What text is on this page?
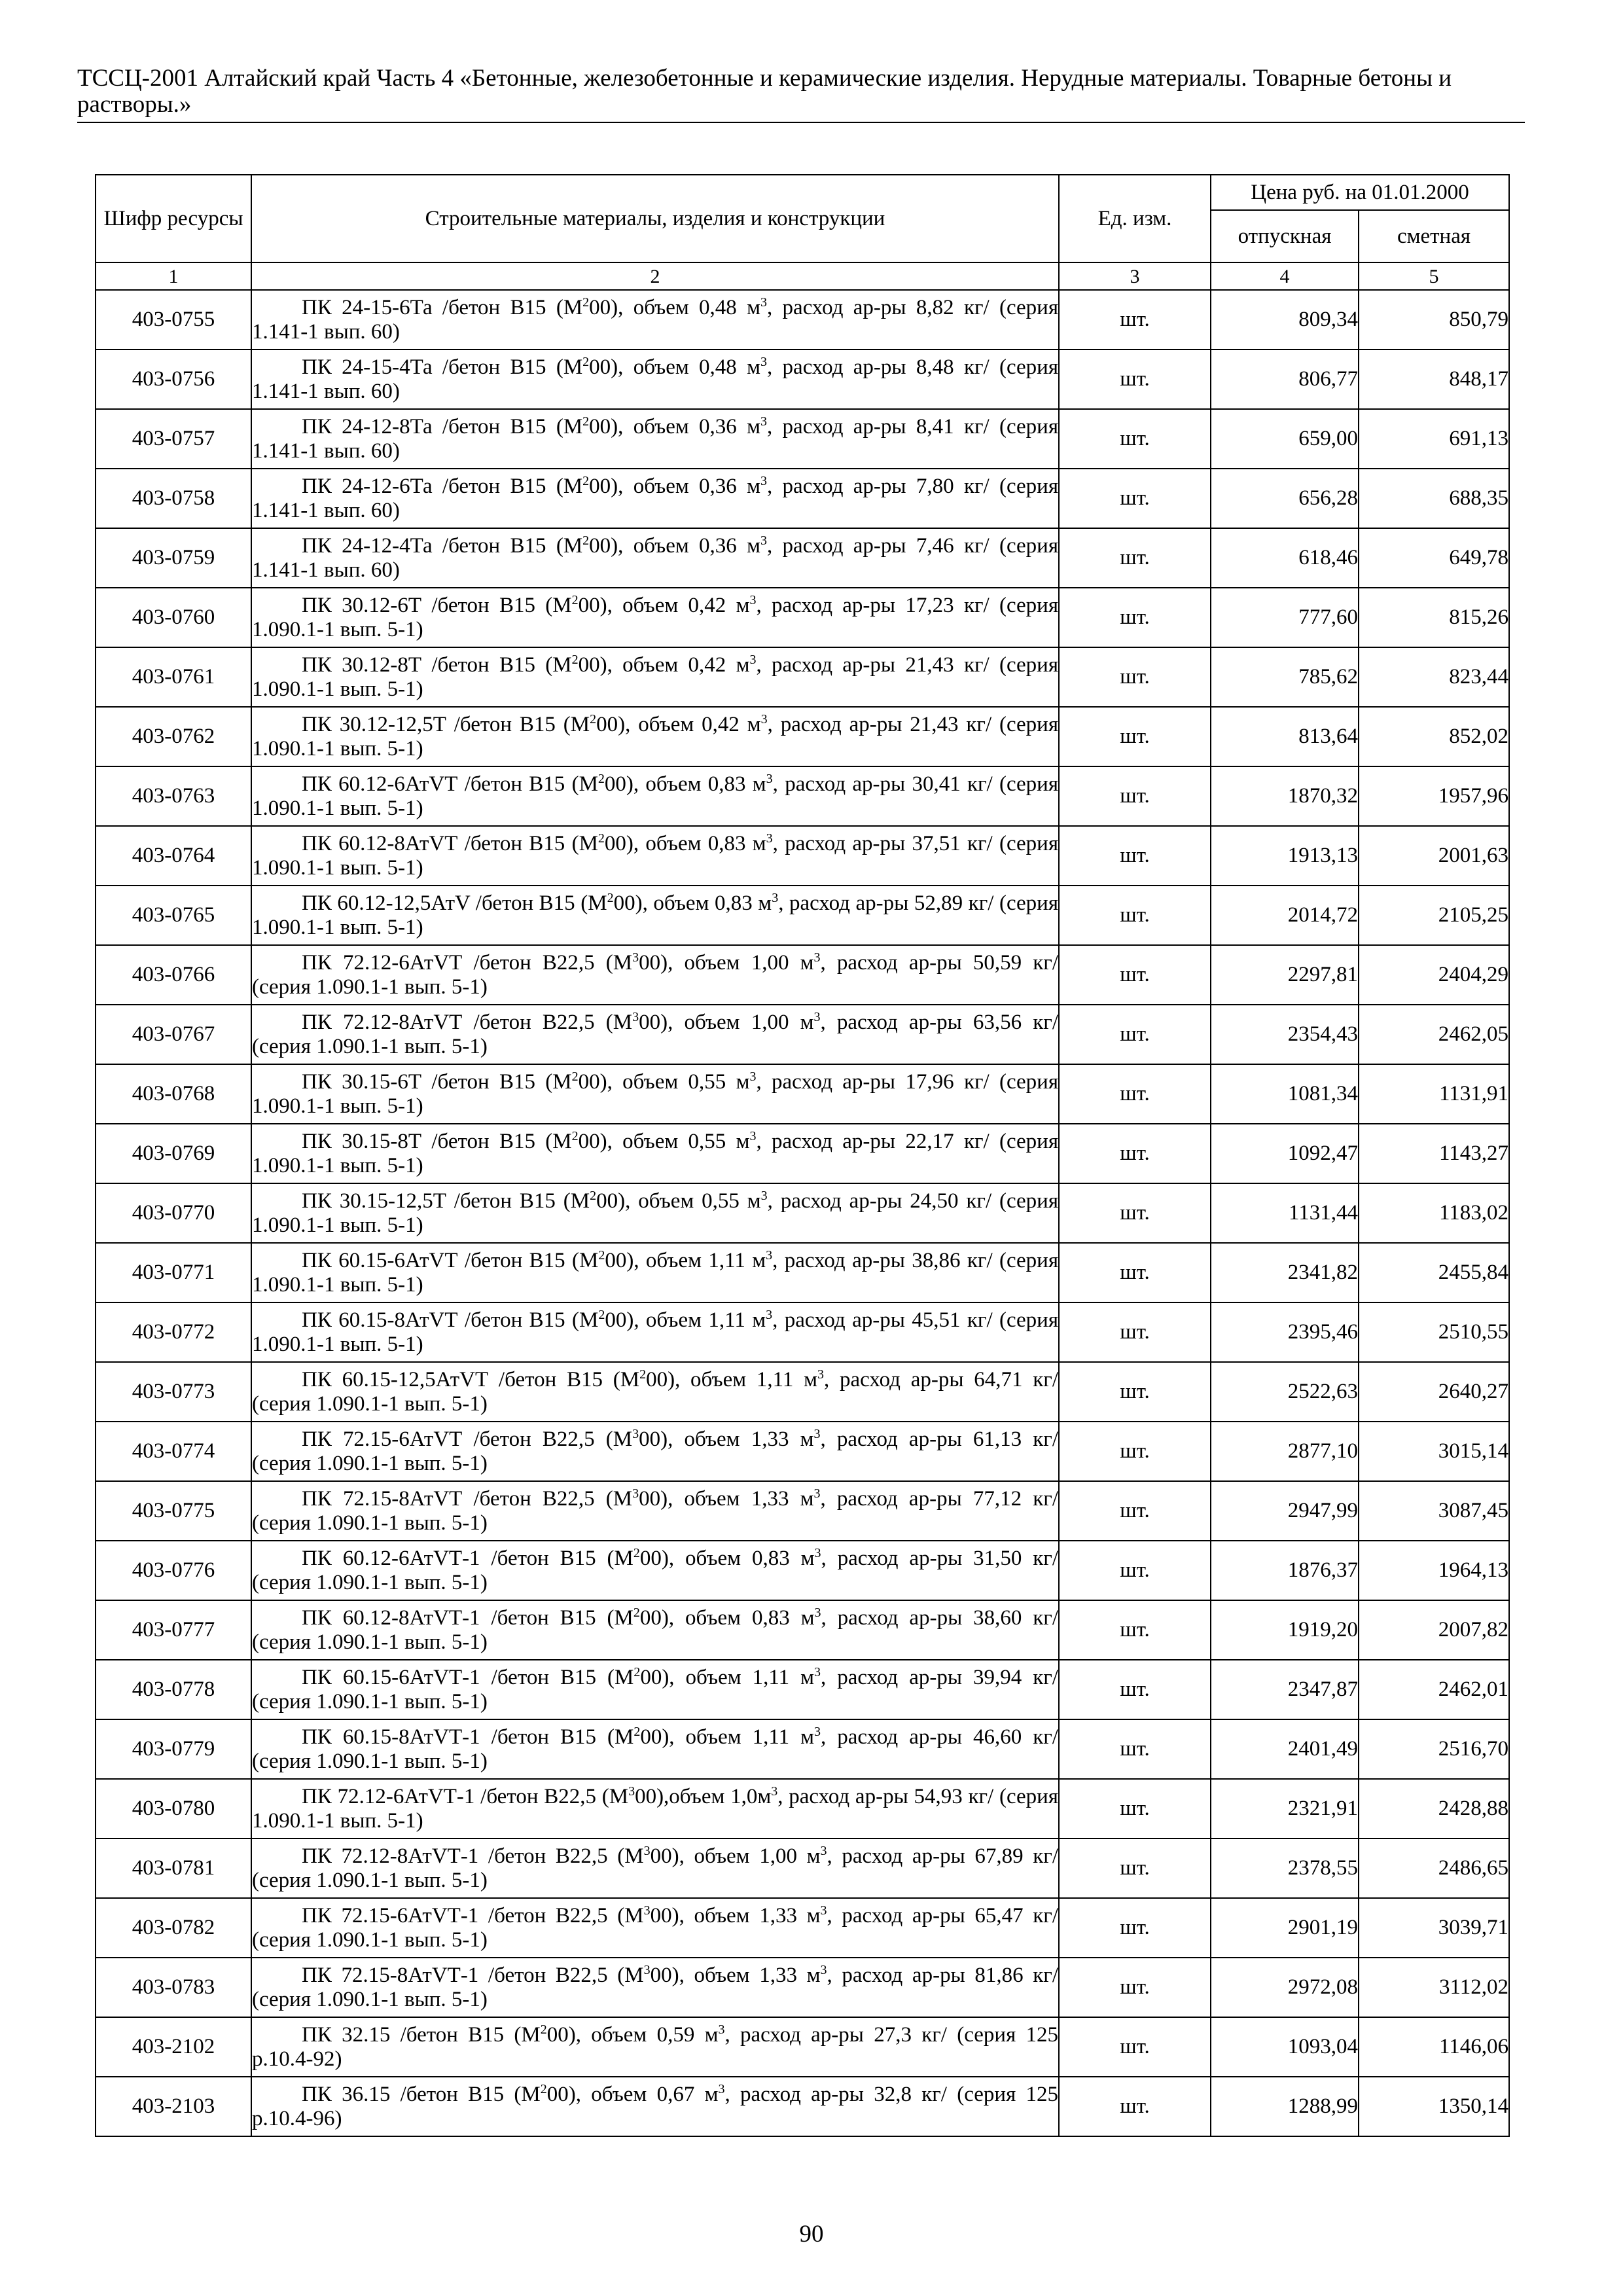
ТССЦ-2001 Алтайский край Часть 4 «Бетонные, железобетонные и керамические изделия. Нерудные материалы. Товарные бетоны и растворы.»
Шифр ресурсы	Строительные материалы, изделия и конструкции	Ед. изм.	Цена руб. на 01.01.2000	
			отпускная	сметная
1	2	3	4	5
403-0755	ПК 24-15-6Та /бетон В15 $(М^200)$, объем 0,48 $м^3$, расход ар-ры 8,82 кг/ (серия 1.141-1 вып. 60)	шт.	809,34	850,79
403-0756	ПК 24-15-4Та /бетон В15 $(М^200)$, объем 0,48 $м^3$, расход ар-ры 8,48 кг/ (серия 1.141-1 вып. 60)	шт.	806,77	848,17
403-0757	ПК 24-12-8Та /бетон В15 $(М^200)$, объем 0,36 $м^3$, расход ар-ры 8,41 кг/ (серия 1.141-1 вып. 60)	шт.	659,00	691,13
403-0758	ПК 24-12-6Та /бетон В15 $(М^200)$, объем 0,36 $м^3$, расход ар-ры 7,80 кг/ (серия 1.141-1 вып. 60)	шт.	656,28	688,35
403-0759	ПК 24-12-4Та /бетон В15 $(М^200)$, объем 0,36 $м^3$, расход ар-ры 7,46 кг/ (серия 1.141-1 вып. 60)	шт.	618,46	649,78
403-0760	ПК 30.12-6Т /бетон В15 $(М^200)$, объем 0,42 $м^3$, расход ар-ры 17,23 кг/ (серия 1.090.1-1 вып. 5-1)	шт.	777,60	815,26
403-0761	ПК 30.12-8Т /бетон В15 $(М^200)$, объем 0,42 $м^3$, расход ар-ры 21,43 кг/ (серия 1.090.1-1 вып. 5-1)	шт.	785,62	823,44
403-0762	ПК 30.12-12,5Т /бетон В15 $(М^200)$, объем 0,42 $м^3$, расход ар-ры 21,43 кг/ (серия 1.090.1-1 вып. 5-1)	шт.	813,64	852,02
403-0763	ПК 60.12-6АтVТ /бетон В15 $(М^200)$, объем 0,83 $м^3$, расход ар-ры 30,41 кг/ (серия 1.090.1-1 вып. 5-1)	шт.	1870,32	1957,96
403-0764	ПК 60.12-8АтVТ /бетон В15 $(М^200)$, объем 0,83 $м^3$, расход ар-ры 37,51 кг/ (серия 1.090.1-1 вып. 5-1)	шт.	1913,13	2001,63
403-0765	ПК 60.12-12,5АтV /бетон В15 $(М^200)$, объем 0,83 $м^3$, расход ар-ры 52,89 кг/ (серия 1.090.1-1 вып. 5-1)	шт.	2014,72	2105,25
403-0766	ПК 72.12-6АтVТ /бетон В22,5 $(М^300)$, объем 1,00 $м^3$, расход ар-ры 50,59 кг/ (серия 1.090.1-1 вып. 5-1)	шт.	2297,81	2404,29
403-0767	ПК 72.12-8АтVТ /бетон В22,5 $(М^300)$, объем 1,00 $м^3$, расход ар-ры 63,56 кг/ (серия 1.090.1-1 вып. 5-1)	шт.	2354,43	2462,05
403-0768	ПК 30.15-6Т /бетон В15 $(М^200)$, объем 0,55 $м^3$, расход ар-ры 17,96 кг/ (серия 1.090.1-1 вып. 5-1)	шт.	1081,34	1131,91
403-0769	ПК 30.15-8Т /бетон В15 $(М^200)$, объем 0,55 $м^3$, расход ар-ры 22,17 кг/ (серия 1.090.1-1 вып. 5-1)	шт.	1092,47	1143,27
403-0770	ПК 30.15-12,5Т /бетон В15 $(М^200)$, объем 0,55 $м^3$, расход ар-ры 24,50 кг/ (серия 1.090.1-1 вып. 5-1)	шт.	1131,44	1183,02
403-0771	ПК 60.15-6АтVТ /бетон В15 $(М^200)$, объем 1,11 $м^3$, расход ар-ры 38,86 кг/ (серия 1.090.1-1 вып. 5-1)	шт.	2341,82	2455,84
403-0772	ПК 60.15-8АтVТ /бетон В15 $(М^200)$, объем 1,11 $м^3$, расход ар-ры 45,51 кг/ (серия 1.090.1-1 вып. 5-1)	шт.	2395,46	2510,55
403-0773	ПК 60.15-12,5АтVТ /бетон В15 $(М^200)$, объем 1,11 $м^3$, расход ар-ры 64,71 кг/ (серия 1.090.1-1 вып. 5-1)	шт.	2522,63	2640,27
403-0774	ПК 72.15-6АтVТ /бетон В22,5 $(М^300)$, объем 1,33 $м^3$, расход ар-ры 61,13 кг/ (серия 1.090.1-1 вып. 5-1)	шт.	2877,10	3015,14
403-0775	ПК 72.15-8АтVТ /бетон В22,5 $(М^300)$, объем 1,33 $м^3$, расход ар-ры 77,12 кг/ (серия 1.090.1-1 вып. 5-1)	шт.	2947,99	3087,45
403-0776	ПК 60.12-6АтVТ-1 /бетон В15 $(М^200)$, объем 0,83 $м^3$, расход ар-ры 31,50 кг/ (серия 1.090.1-1 вып. 5-1)	шт.	1876,37	1964,13
403-0777	ПК 60.12-8АтVТ-1 /бетон В15 $(М^200)$, объем 0,83 $м^3$, расход ар-ры 38,60 кг/ (серия 1.090.1-1 вып. 5-1)	шт.	1919,20	2007,82
403-0778	ПК 60.15-6АтVТ-1 /бетон В15 $(М^200)$, объем 1,11 $м^3$, расход ар-ры 39,94 кг/ (серия 1.090.1-1 вып. 5-1)	шт.	2347,87	2462,01
403-0779	ПК 60.15-8АтVТ-1 /бетон В15 $(М^200)$, объем 1,11 $м^3$, расход ар-ры 46,60 кг/ (серия 1.090.1-1 вып. 5-1)	шт.	2401,49	2516,70
403-0780	ПК 72.12-6АтVТ-1 /бетон В22,5 $(М^300),объем$ $1,0м^3$, расход ар-ры 54,93 кг/ (серия 1.090.1-1 вып. 5-1)	шт.	2321,91	2428,88
403-0781	ПК 72.12-8АтVТ-1 /бетон В22,5 $(М^300)$, объем 1,00 $м^3$, расход ар-ры 67,89 кг/ (серия 1.090.1-1 вып. 5-1)	шт.	2378,55	2486,65
403-0782	ПК 72.15-6АтVТ-1 /бетон В22,5 $(М^300)$, объем 1,33 $м^3$, расход ар-ры 65,47 кг/ (серия 1.090.1-1 вып. 5-1)	шт.	2901,19	3039,71
403-0783	ПК 72.15-8АтVТ-1 /бетон В22,5 $(М^300)$, объем 1,33 $м^3$, расход ар-ры 81,86 кг/ (серия 1.090.1-1 вып. 5-1)	шт.	2972,08	3112,02
403-2102	ПК 32.15 /бетон В15 $(М^200)$, объем 0,59 $м^3$, расход ар-ры 27,3 кг/ (серия 125 р.10.4-92)	шт.	1093,04	1146,06
403-2103	ПК 36.15 /бетон В15 $(М^200)$, объем 0,67 $м^3$, расход ар-ры 32,8 кг/ (серия 125 р.10.4-96)	шт.	1288,99	1350,14
90
